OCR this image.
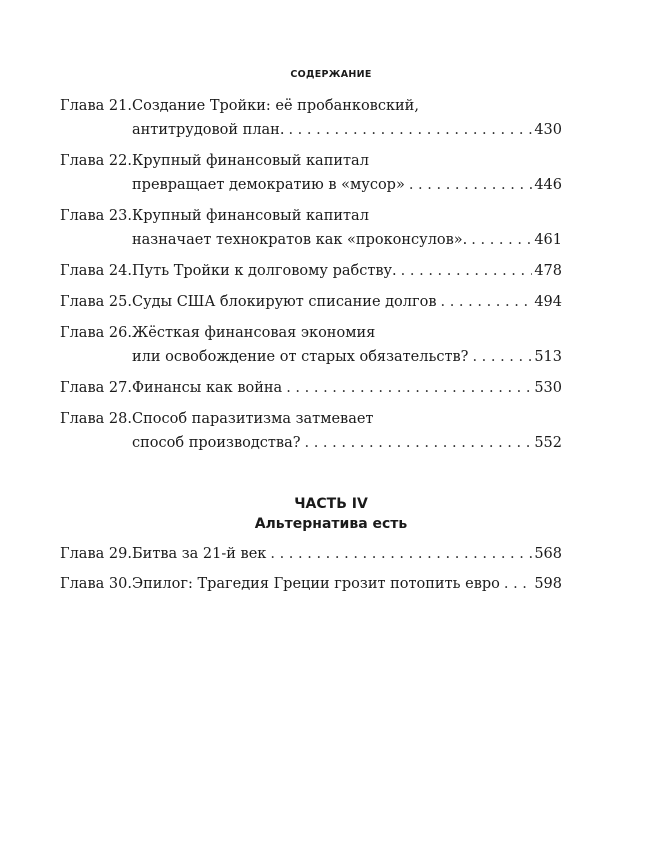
СОДЕРЖАНИЕ
Глава 21. Создание Тройки: её пробанковский,
антитрудовой план. . . .	430
Глава 22. Крупный финансовый капитал
превращает демократию в «мусор» . . .	446
Глава 23. Крупный финансовый капитал
назначает технократов как «проконсулов». . . .	461
Глава 24. Путь Тройки к долговому рабству. . . .	478
Глава 25. Суды США блокируют списание долгов . . .	494
Глава 26. Жёсткая финансовая экономия
или освобождение от старых обязательств? . . .	513
Глава 27. Финансы как война . . .	530
Глава 28. Способ паразитизма затмевает
способ производства? . . .	552
ЧАСТЬ IV
Альтернатива есть
Глава 29. Битва за 21-й век . . .	568
Глава 30. Эпилог: Трагедия Греции грозит потопить евро . . . 598
